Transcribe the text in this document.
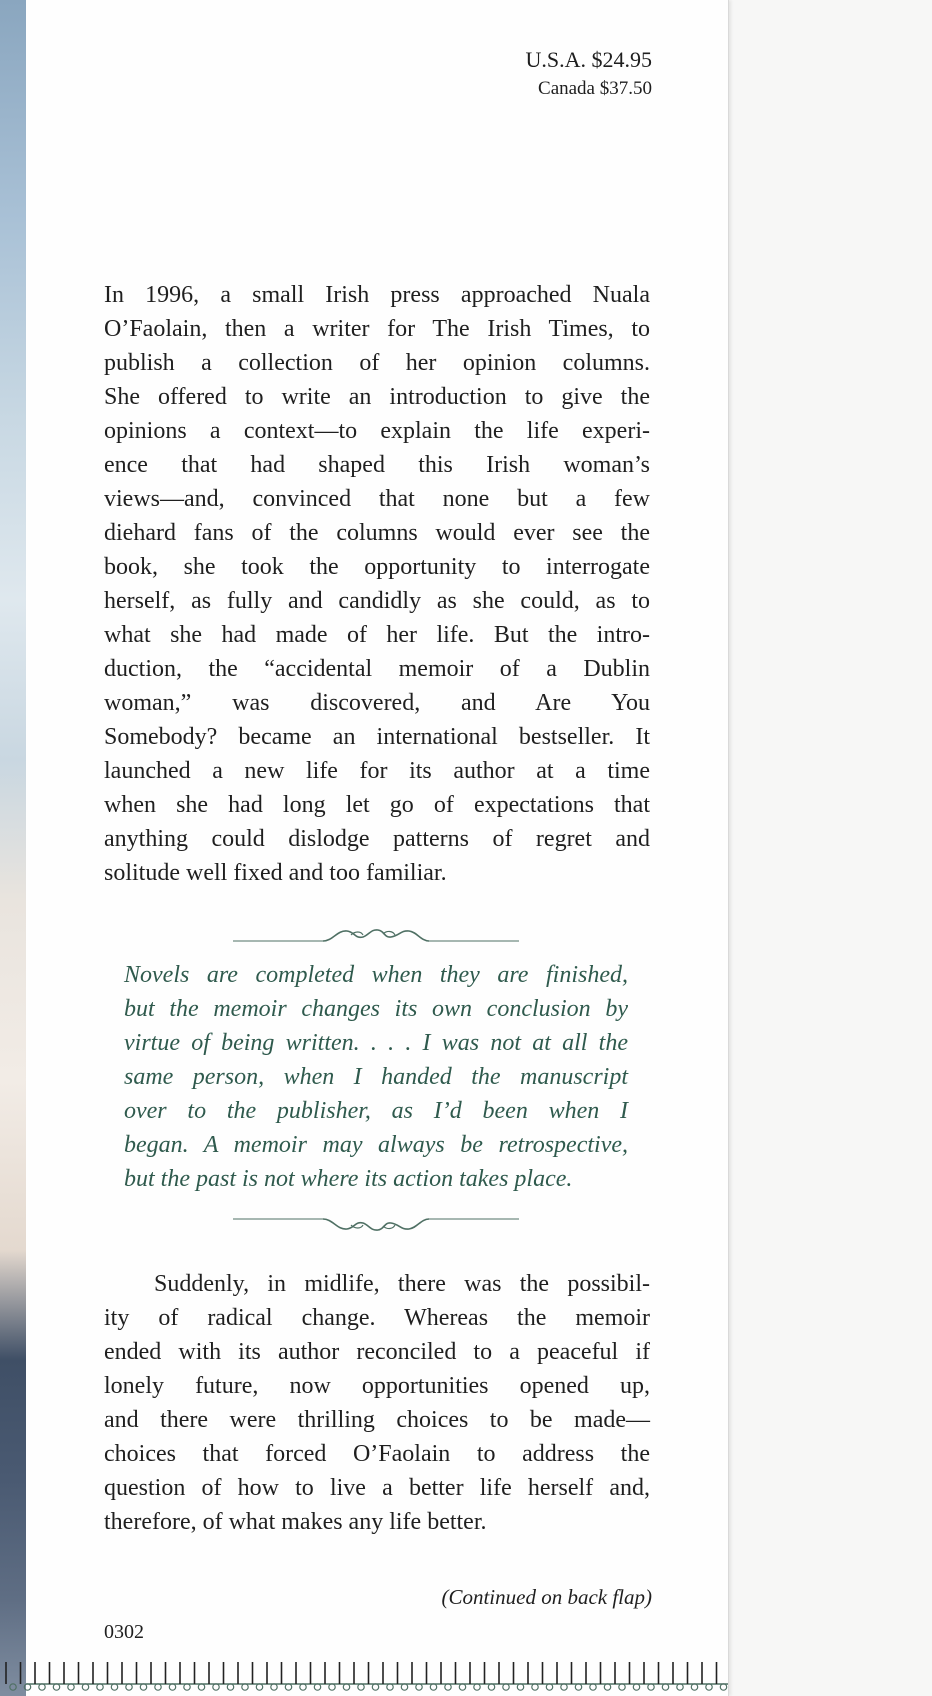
U.S.A. $24.95
Canada $37.50
In 1996, a small Irish press approached Nuala
O’Faolain, then a writer for The Irish Times, to
publish a collection of her opinion columns.
She offered to write an introduction to give the
opinions a context—to explain the life experi-
ence that had shaped this Irish woman’s
views—and, convinced that none but a few
diehard fans of the columns would ever see the
book, she took the opportunity to interrogate
herself, as fully and candidly as she could, as to
what she had made of her life. But the intro-
duction, the “accidental memoir of a Dublin
woman,” was discovered, and Are You
Somebody? became an international bestseller. It
launched a new life for its author at a time
when she had long let go of expectations that
anything could dislodge patterns of regret and
solitude well fixed and too familiar.
Novels are completed when they are finished,
but the memoir changes its own conclusion by
virtue of being written. . . . I was not at all the
same person, when I handed the manuscript
over to the publisher, as I’d been when I
began. A memoir may always be retrospective,
but the past is not where its action takes place.
Suddenly, in midlife, there was the possibil-
ity of radical change. Whereas the memoir
ended with its author reconciled to a peaceful if
lonely future, now opportunities opened up,
and there were thrilling choices to be made—
choices that forced O’Faolain to address the
question of how to live a better life herself and,
therefore, of what makes any life better.
(Continued on back flap)
0302
